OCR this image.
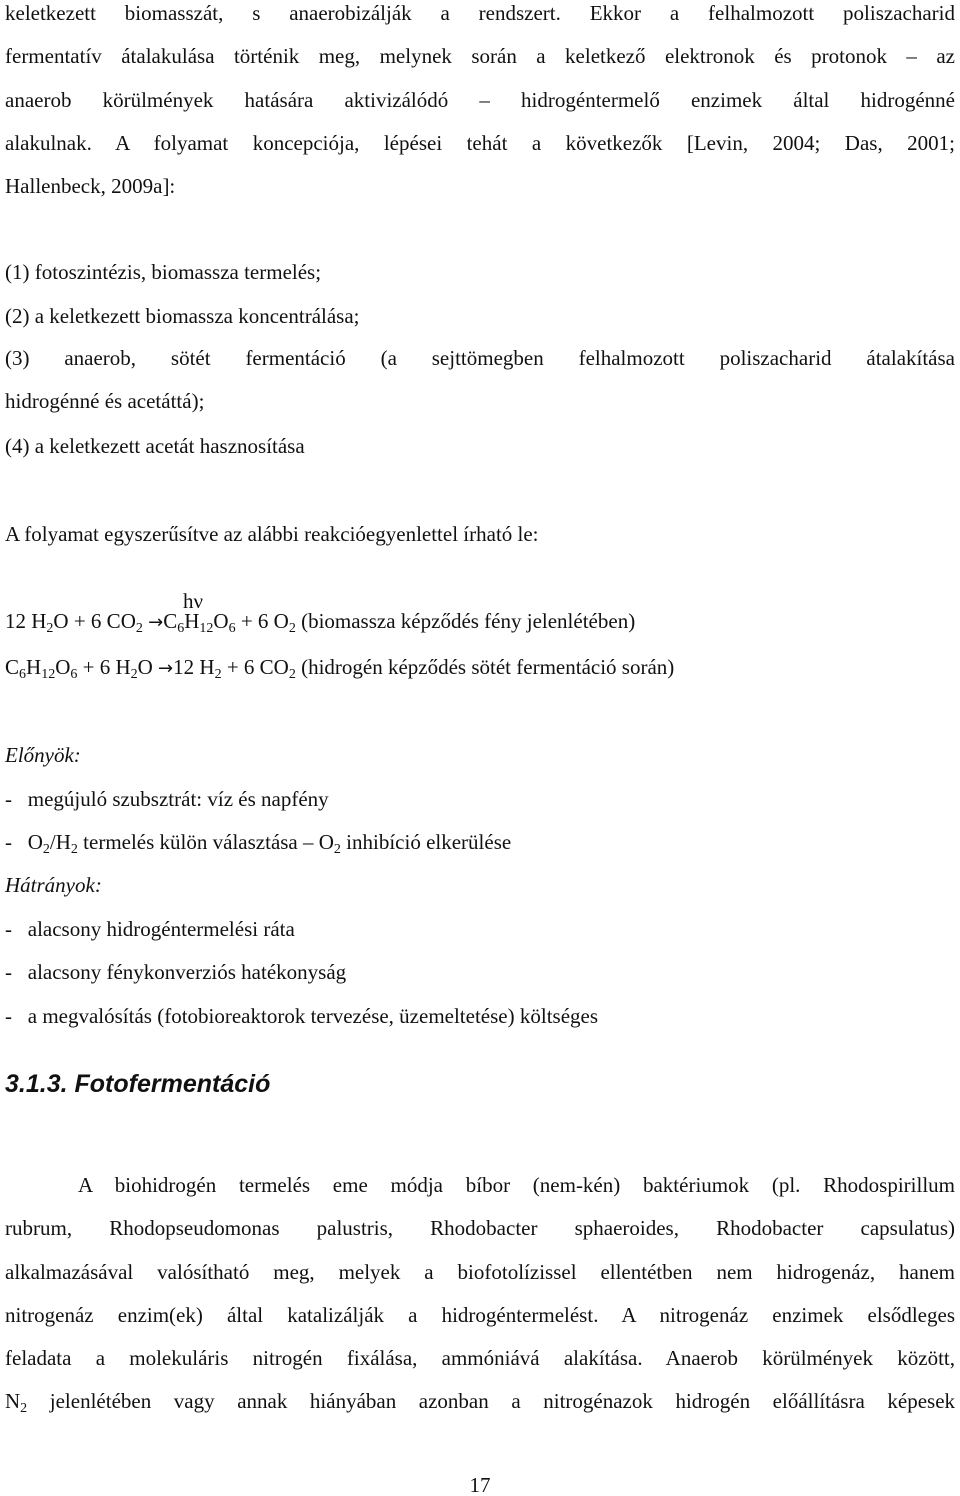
keletkezett biomasszát, s anaerobizálják a rendszert. Ekkor a felhalmozott poliszacharid
fermentatív átalakulása történik meg, melynek során a keletkező elektronok és protonok – az
anaerob körülmények hatására aktivizálódó – hidrogéntermelő enzimek által hidrogénné
alakulnak. A folyamat koncepciója, lépései tehát a következők [Levin, 2004; Das, 2001;
Hallenbeck, 2009a]:
(1) fotoszintézis, biomassza termelés;
(2) a keletkezett biomassza koncentrálása;
(3) anaerob, sötét fermentáció (a sejttömegben felhalmozott poliszacharid átalakítása
hidrogénné és acetáttá);
(4) a keletkezett acetát hasznosítása
A folyamat egyszerűsítve az alábbi reakcióegyenlettel írható le:
hν
12 $H_2O + 6$ $CO_2 \to C_6H_{12}O_6 + 6$ $O_2$ (biomassza képződés fény jelenlétében)
$C_6H_{12}O_6 + 6$ $H_2O \to 12$ $H_2 + 6$ $CO_2$ (hidrogén képződés sötét fermentáció során)
Előnyök:
-   megújuló szubsztrát: víz és napfény
-   $O_2/H_2$ termelés külön választása – $O_2$ inhibíció elkerülése
Hátrányok:
-   alacsony hidrogéntermelési ráta
-   alacsony fénykonverziós hatékonyság
-   a megvalósítás (fotobioreaktorok tervezése, üzemeltetése) költséges
3.1.3. Fotofermentáció
A biohidrogén termelés eme módja bíbor (nem-kén) baktériumok (pl. Rhodospirillum
rubrum, Rhodopseudomonas palustris, Rhodobacter sphaeroides, Rhodobacter capsulatus)
alkalmazásával valósítható meg, melyek a biofotolízissel ellentétben nem hidrogenáz, hanem
nitrogenáz enzim(ek) által katalizálják a hidrogéntermelést. A nitrogenáz enzimek elsődleges
feladata a molekuláris nitrogén fixálása, ammóniává alakítása. Anaerob körülmények között,
$N_2$ jelenlétében vagy annak hiányában azonban a nitrogénazok hidrogén előállításra képesek
17
